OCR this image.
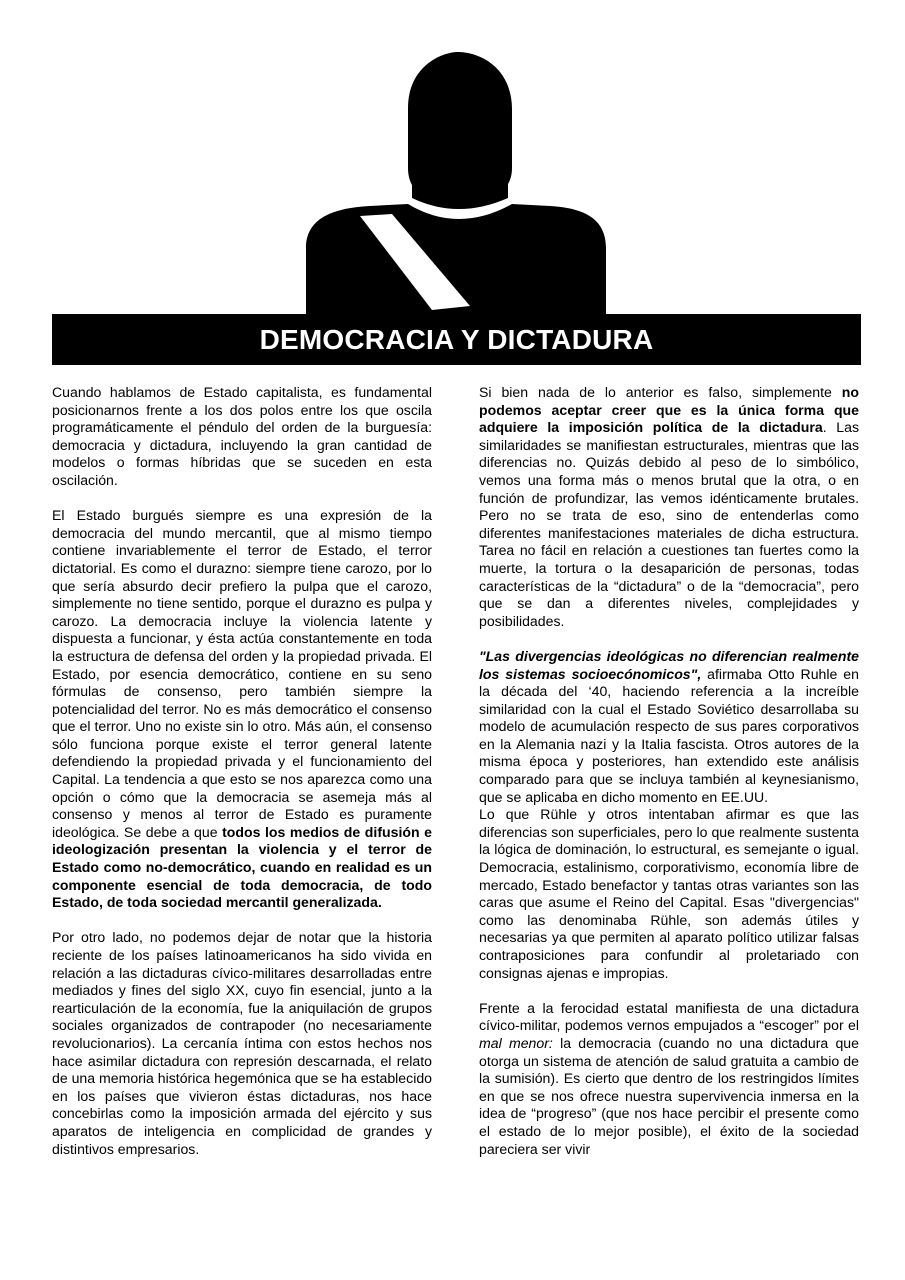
DEMOCRACIA Y DICTADURA

Cuando hablamos de Estado capitalista, es fundamental posicionarnos frente a los dos polos entre los que oscila programáticamente el péndulo del orden de la burguesía: democracia y dictadura, incluyendo la gran cantidad de modelos o formas híbridas que se suceden en esta oscilación.

El Estado burgués siempre es una expresión de la democracia del mundo mercantil, que al mismo tiempo contiene invariablemente el terror de Estado, el terror dictatorial. Es como el durazno: siempre tiene carozo, por lo que sería absurdo decir prefiero la pulpa que el carozo, simplemente no tiene sentido, porque el durazno es pulpa y carozo. La democracia incluye la violencia latente y dispuesta a funcionar, y ésta actúa constantemente en toda la estructura de defensa del orden y la propiedad privada. El Estado, por esencia democrático, contiene en su seno fórmulas de consenso, pero también siempre la potencialidad del terror. No es más democrático el consenso que el terror. Uno no existe sin lo otro. Más aún, el consenso sólo funciona porque existe el terror general latente defendiendo la propiedad privada y el funcionamiento del Capital. La tendencia a que esto se nos aparezca como una opción o cómo que la democracia se asemeja más al consenso y menos al terror de Estado es puramente ideológica. Se debe a que todos los medios de difusión e ideologización presentan la violencia y el terror de Estado como no-democrático, cuando en realidad es un componente esencial de toda democracia, de todo Estado, de toda sociedad mercantil generalizada.

Por otro lado, no podemos dejar de notar que la historia reciente de los países latinoamericanos ha sido vivida en relación a las dictaduras cívico-militares desarrolladas entre mediados y fines del siglo XX, cuyo fin esencial, junto a la rearticulación de la economía, fue la aniquilación de grupos sociales organizados de contrapoder (no necesariamente revolucionarios). La cercanía íntima con estos hechos nos hace asimilar dictadura con represión descarnada, el relato de una memoria histórica hegemónica que se ha establecido en los países que vivieron éstas dictaduras, nos hace concebirlas como la imposición armada del ejército y sus aparatos de inteligencia en complicidad de grandes y distintivos empresarios.

Si bien nada de lo anterior es falso, simplemente no podemos aceptar creer que es la única forma que adquiere la imposición política de la dictadura. Las similaridades se manifiestan estructurales, mientras que las diferencias no. Quizás debido al peso de lo simbólico, vemos una forma más o menos brutal que la otra, o en función de profundizar, las vemos idénticamente brutales. Pero no se trata de eso, sino de entenderlas como diferentes manifestaciones materiales de dicha estructura. Tarea no fácil en relación a cuestiones tan fuertes como la muerte, la tortura o la desaparición de personas, todas características de la “dictadura” o de la “democracia”, pero que se dan a diferentes niveles, complejidades y posibilidades.

"Las divergencias ideológicas no diferencian realmente los sistemas socioecónomicos", afirmaba Otto Ruhle en la década del ‘40, haciendo referencia a la increíble similaridad con la cual el Estado Soviético desarrollaba su modelo de acumulación respecto de sus pares corporativos en la Alemania nazi y la Italia fascista. Otros autores de la misma época y posteriores, han extendido este análisis comparado para que se incluya también al keynesianismo, que se aplicaba en dicho momento en EE.UU.

Lo que Rühle y otros intentaban afirmar es que las diferencias son superficiales, pero lo que realmente sustenta la lógica de dominación, lo estructural, es semejante o igual. Democracia, estalinismo, corporativismo, economía libre de mercado, Estado benefactor y tantas otras variantes son las caras que asume el Reino del Capital. Esas "divergencias" como las denominaba Rühle, son además útiles y necesarias ya que permiten al aparato político utilizar falsas contraposiciones para confundir al proletariado con consignas ajenas e impropias.

Frente a la ferocidad estatal manifiesta de una dictadura cívico-militar, podemos vernos empujados a “escoger” por el mal menor: la democracia (cuando no una dictadura que otorga un sistema de atención de salud gratuita a cambio de la sumisión). Es cierto que dentro de los restringidos límites en que se nos ofrece nuestra supervivencia inmersa en la idea de “progreso” (que nos hace percibir el presente como el estado de lo mejor posible), el éxito de la sociedad pareciera ser vivir
